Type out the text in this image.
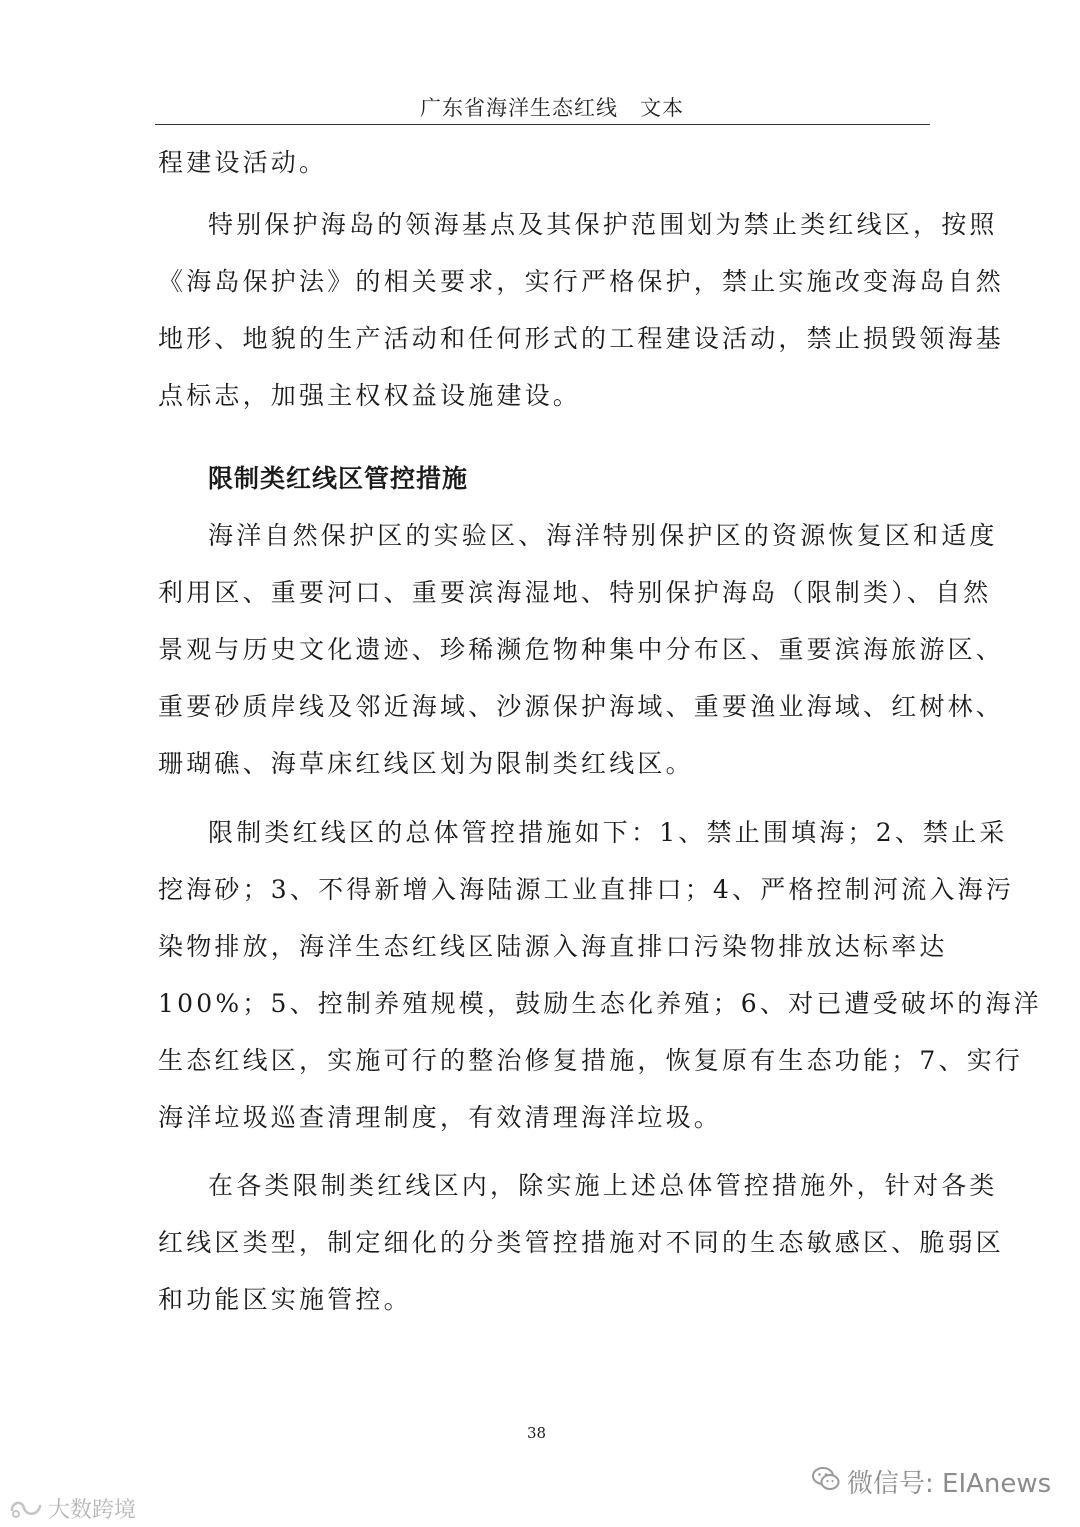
广东省海洋生态红线 文本
程建设活动。
特别保护海岛的领海基点及其保护范围划为禁止类红线区，按照
《海岛保护法》的相关要求，实行严格保护，禁止实施改变海岛自然
地形、地貌的生产活动和任何形式的工程建设活动，禁止损毁领海基
点标志，加强主权权益设施建设。
限制类红线区管控措施
海洋自然保护区的实验区、海洋特别保护区的资源恢复区和适度
利用区、重要河口、重要滨海湿地、特别保护海岛（限制类）、自然
景观与历史文化遗迹、珍稀濒危物种集中分布区、重要滨海旅游区、
重要砂质岸线及邻近海域、沙源保护海域、重要渔业海域、红树林、
珊瑚礁、海草床红线区划为限制类红线区。
限制类红线区的总体管控措施如下：1、禁止围填海；2、禁止采
挖海砂；3、不得新增入海陆源工业直排口；4、严格控制河流入海污
染物排放，海洋生态红线区陆源入海直排口污染物排放达标率达
100%；5、控制养殖规模，鼓励生态化养殖；6、对已遭受破坏的海洋
生态红线区，实施可行的整治修复措施，恢复原有生态功能；7、实行
海洋垃圾巡查清理制度，有效清理海洋垃圾。
在各类限制类红线区内，除实施上述总体管控措施外，针对各类
红线区类型，制定细化的分类管控措施对不同的生态敏感区、脆弱区
和功能区实施管控。
38
微信号: EIAnews
大数跨境
